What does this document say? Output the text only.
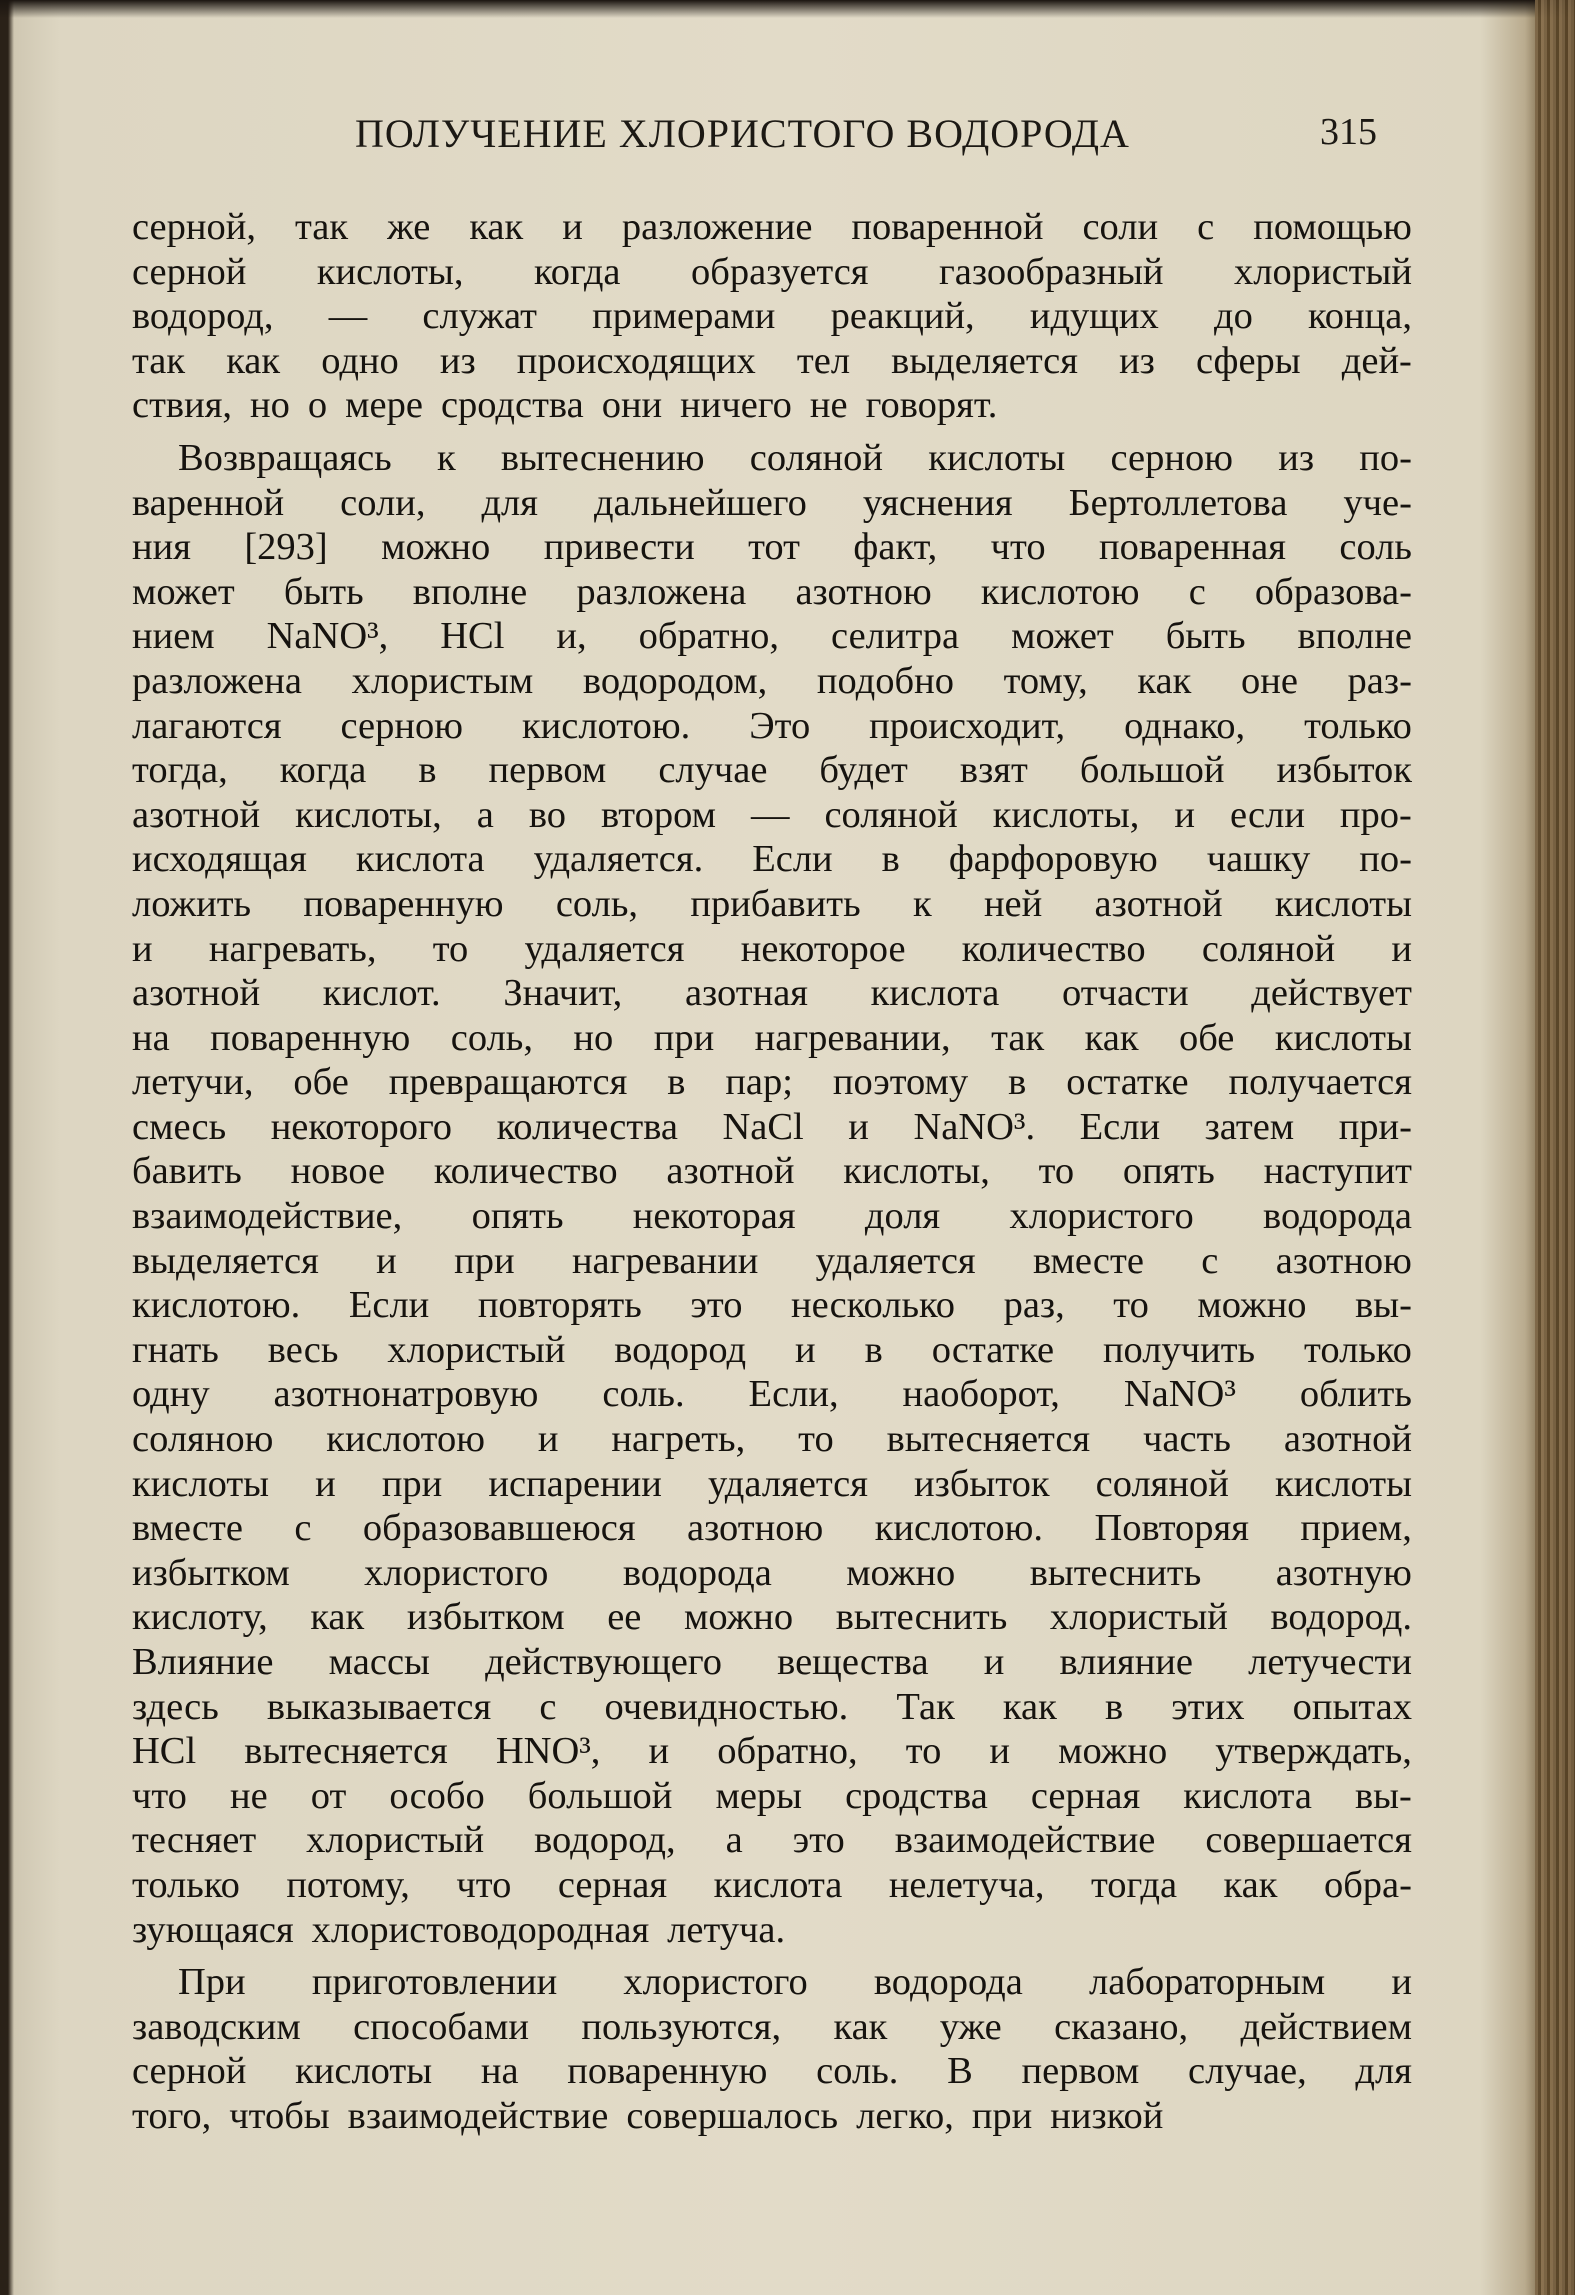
ПОЛУЧЕНИЕ ХЛОРИСТОГО ВОДОРОДА	315
серной, так же как и разложение поваренной соли с помощью
серной кислоты, когда образуется газообразный хлористый
водород, — служат примерами реакций, идущих до конца,
так как одно из происходящих тел выделяется из сферы дей-
ствия, но о мере сродства они ничего не говорят.
Возвращаясь к вытеснению соляной кислоты серною из по-
варенной соли, для дальнейшего уяснения Бертоллетова уче-
ния [293] можно привести тот факт, что поваренная соль
может быть вполне разложена азотною кислотою с образова-
нием NaNO³, HCl и, обратно, селитра может быть вполне
разложена хлористым водородом, подобно тому, как оне раз-
лагаются серною кислотою. Это происходит, однако, только
тогда, когда в первом случае будет взят большой избыток
азотной кислоты, а во втором — соляной кислоты, и если про-
исходящая кислота удаляется. Если в фарфоровую чашку по-
ложить поваренную соль, прибавить к ней азотной кислоты
и нагревать, то удаляется некоторое количество соляной и
азотной кислот. Значит, азотная кислота отчасти действует
на поваренную соль, но при нагревании, так как обе кислоты
летучи, обе превращаются в пар; поэтому в остатке получается
смесь некоторого количества NaCl и NaNO³. Если затем при-
бавить новое количество азотной кислоты, то опять наступит
взаимодействие, опять некоторая доля хлористого водорода
выделяется и при нагревании удаляется вместе с азотною
кислотою. Если повторять это несколько раз, то можно вы-
гнать весь хлористый водород и в остатке получить только
одну азотнонатровую соль. Если, наоборот, NaNO³ облить
соляною кислотою и нагреть, то вытесняется часть азотной
кислоты и при испарении удаляется избыток соляной кислоты
вместе с образовавшеюся азотною кислотою. Повторяя прием,
избытком хлористого водорода можно вытеснить азотную
кислоту, как избытком ее можно вытеснить хлористый водород.
Влияние массы действующего вещества и влияние летучести
здесь выказывается с очевидностью. Так как в этих опытах
HCl вытесняется HNO³, и обратно, то и можно утверждать,
что не от особо большой меры сродства серная кислота вы-
тесняет хлористый водород, а это взаимодействие совершается
только потому, что серная кислота нелетуча, тогда как обра-
зующаяся хлористоводородная летуча.
При приготовлении хлористого водорода лабораторным и
заводским способами пользуются, как уже сказано, действием
серной кислоты на поваренную соль. В первом случае, для
того, чтобы взаимодействие совершалось легко, при низкой
